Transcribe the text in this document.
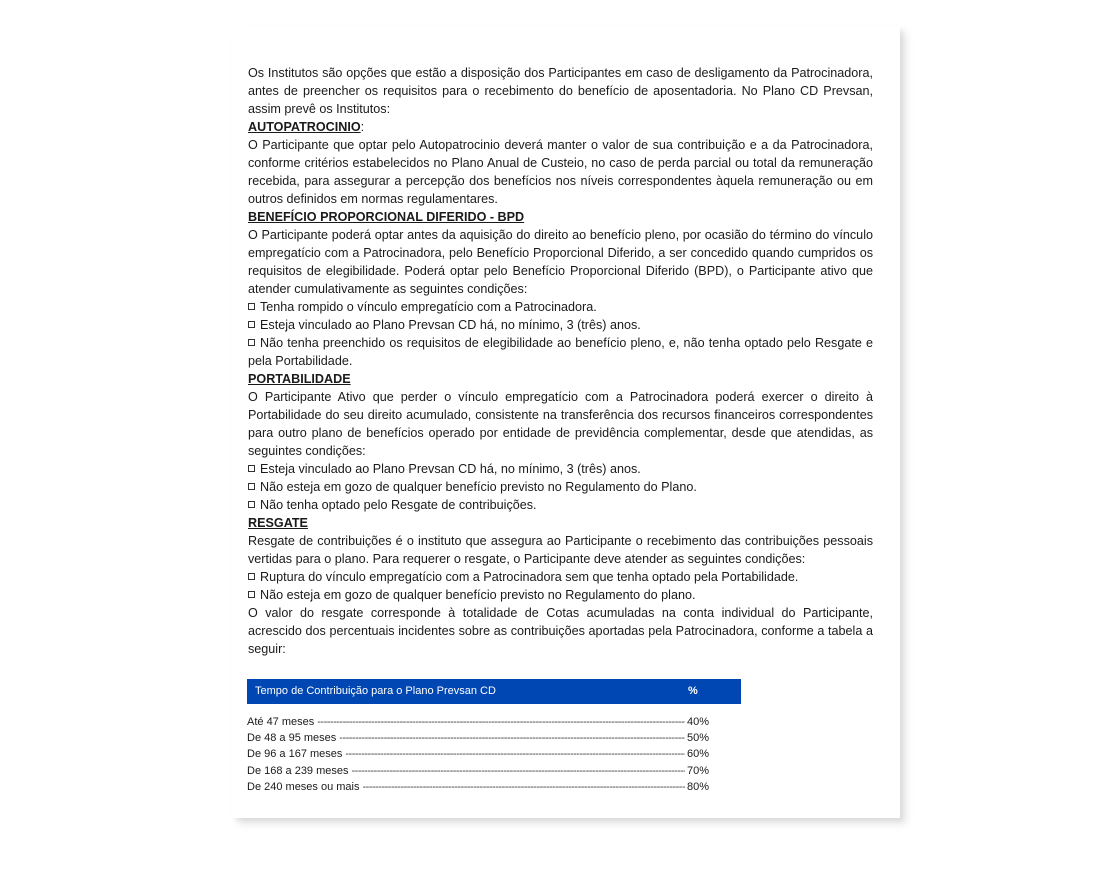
Os Institutos são opções que estão a disposição dos Participantes em caso de desligamento da Patrocinadora, antes de preencher os requisitos para o recebimento do benefício de aposentadoria. No Plano CD Prevsan, assim prevê os Institutos:

AUTOPATROCINIO:

O Participante que optar pelo Autopatrocinio deverá manter o valor de sua contribuição e a da Patrocinadora, conforme critérios estabelecidos no Plano Anual de Custeio, no caso de perda parcial ou total da remuneração recebida, para assegurar a percepção dos benefícios nos níveis correspondentes àquela remuneração ou em outros definidos em normas regulamentares.

BENEFÍCIO PROPORCIONAL DIFERIDO - BPD

O Participante poderá optar antes da aquisição do direito ao benefício pleno, por ocasião do término do vínculo empregatício com a Patrocinadora, pelo Benefício Proporcional Diferido, a ser concedido quando cumpridos os requisitos de elegibilidade. Poderá optar pelo Benefício Proporcional Diferido (BPD), o Participante ativo que atender cumulativamente as seguintes condições:

Tenha rompido o vínculo empregatício com a Patrocinadora.

Esteja vinculado ao Plano Prevsan CD há, no mínimo, 3 (três) anos.

Não tenha preenchido os requisitos de elegibilidade ao benefício pleno, e, não tenha optado pelo Resgate e pela Portabilidade.

PORTABILIDADE

O Participante Ativo que perder o vínculo empregatício com a Patrocinadora poderá exercer o direito à Portabilidade do seu direito acumulado, consistente na transferência dos recursos financeiros correspondentes para outro plano de benefícios operado por entidade de previdência complementar, desde que atendidas, as seguintes condições:

Esteja vinculado ao Plano Prevsan CD há, no mínimo, 3 (três) anos.

Não esteja em gozo de qualquer benefício previsto no Regulamento do Plano.

Não tenha optado pelo Resgate de contribuições.

RESGATE

Resgate de contribuições é o instituto que assegura ao Participante o recebimento das contribuições pessoais vertidas para o plano. Para requerer o resgate, o Participante deve atender as seguintes condições:

Ruptura do vínculo empregatício com a Patrocinadora sem que tenha optado pela Portabilidade.

Não esteja em gozo de qualquer benefício previsto no Regulamento do plano.

O valor do resgate corresponde à totalidade de Cotas acumuladas na conta individual do Participante, acrescido dos percentuais incidentes sobre as contribuições aportadas pela Patrocinadora, conforme a tabela a seguir:

Tempo de Contribuição para o Plano Prevsan CD	%
Até 47 meses -----	40%
De 48 a 95 meses -----	50%
De 96 a 167 meses -----	60%
De 168 a 239 meses -----	70%
De 240 meses ou mais -----	80%
